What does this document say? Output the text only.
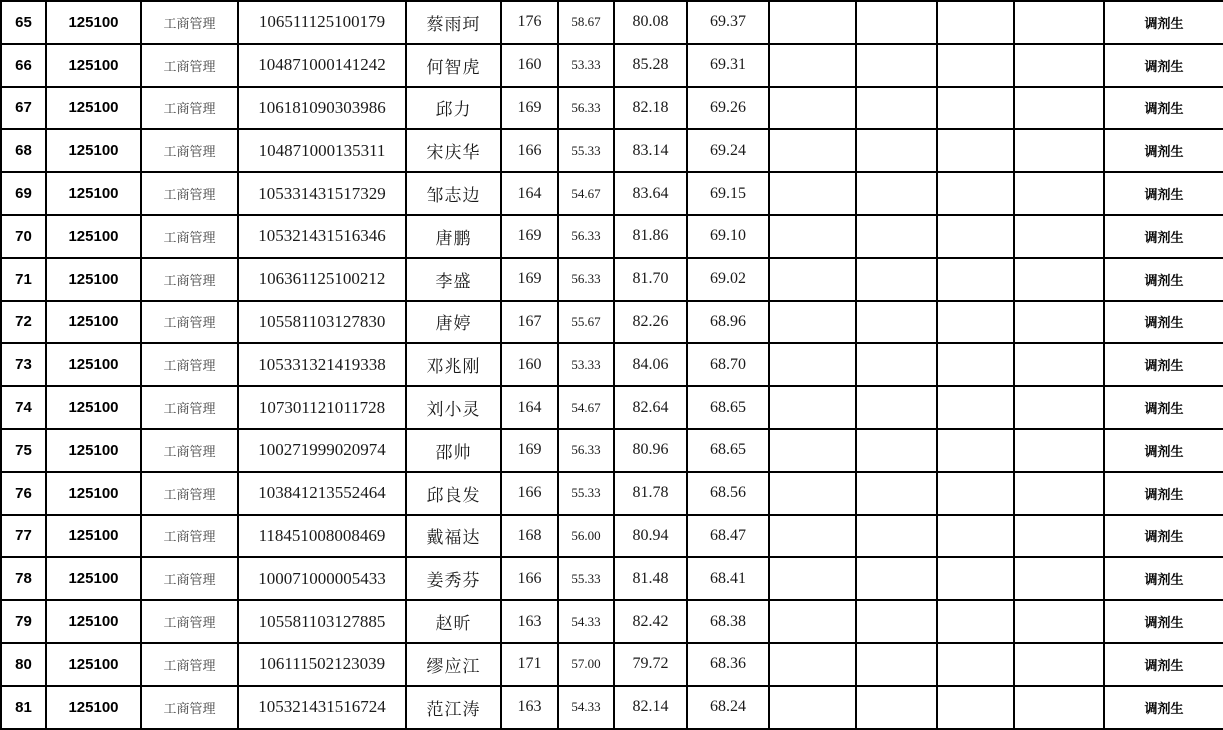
65	125100	工商管理	106511125100179	蔡雨珂	176	58.67	80.08	69.37					调剂生
66	125100	工商管理	104871000141242	何智虎	160	53.33	85.28	69.31					调剂生
67	125100	工商管理	106181090303986	邱力	169	56.33	82.18	69.26					调剂生
68	125100	工商管理	104871000135311	宋庆华	166	55.33	83.14	69.24					调剂生
69	125100	工商管理	105331431517329	邹志边	164	54.67	83.64	69.15					调剂生
70	125100	工商管理	105321431516346	唐鹏	169	56.33	81.86	69.10					调剂生
71	125100	工商管理	106361125100212	李盛	169	56.33	81.70	69.02					调剂生
72	125100	工商管理	105581103127830	唐婷	167	55.67	82.26	68.96					调剂生
73	125100	工商管理	105331321419338	邓兆刚	160	53.33	84.06	68.70					调剂生
74	125100	工商管理	107301121011728	刘小灵	164	54.67	82.64	68.65					调剂生
75	125100	工商管理	100271999020974	邵帅	169	56.33	80.96	68.65					调剂生
76	125100	工商管理	103841213552464	邱良发	166	55.33	81.78	68.56					调剂生
77	125100	工商管理	118451008008469	戴福达	168	56.00	80.94	68.47					调剂生
78	125100	工商管理	100071000005433	姜秀芬	166	55.33	81.48	68.41					调剂生
79	125100	工商管理	105581103127885	赵昕	163	54.33	82.42	68.38					调剂生
80	125100	工商管理	106111502123039	缪应江	171	57.00	79.72	68.36					调剂生
81	125100	工商管理	105321431516724	范江涛	163	54.33	82.14	68.24					调剂生
